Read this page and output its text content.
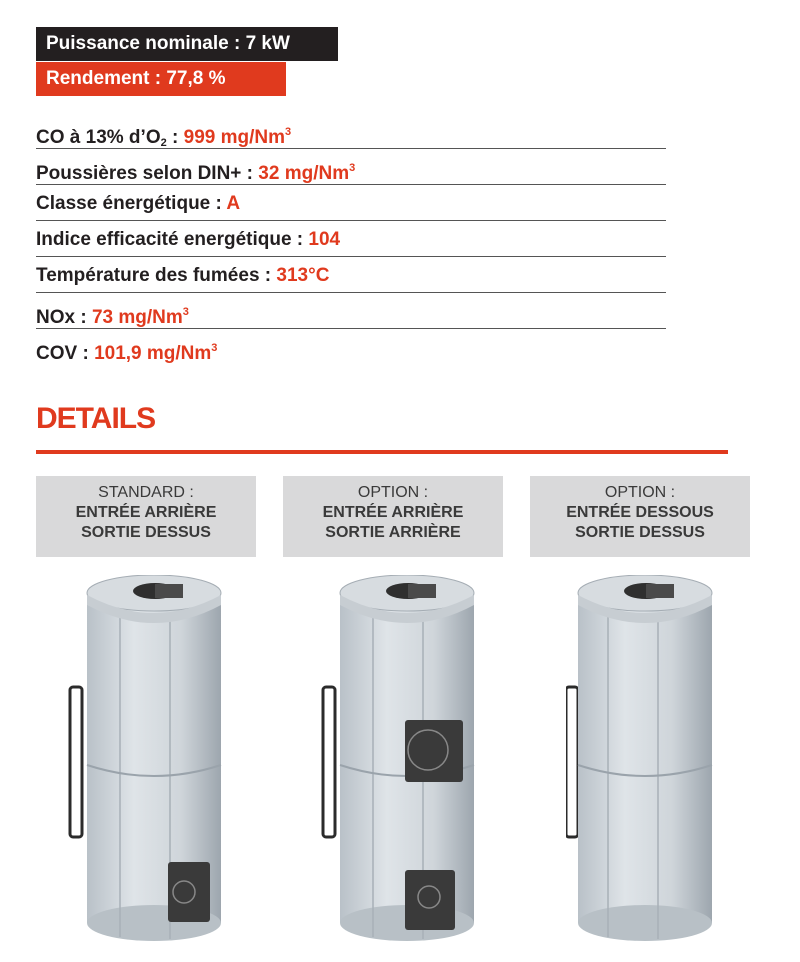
Puissance nominale : 7 kW
Rendement : 77,8 %
CO à 13% $d’O_2$ : 999 mg/Nm$^3$
Poussières selon DIN+ : 32 mg/Nm$^3$
Classe énergétique : A
Indice efficacité energétique : 104
Température des fumées : 313°C
NOx : 73 mg/Nm$^3$
COV : 101,9 mg/Nm$^3$
DETAILS
STANDARD :
ENTRÉE ARRIÈRE
SORTIE DESSUS
OPTION :
ENTRÉE ARRIÈRE
SORTIE ARRIÈRE
OPTION :
ENTRÉE DESSOUS
SORTIE DESSUS
